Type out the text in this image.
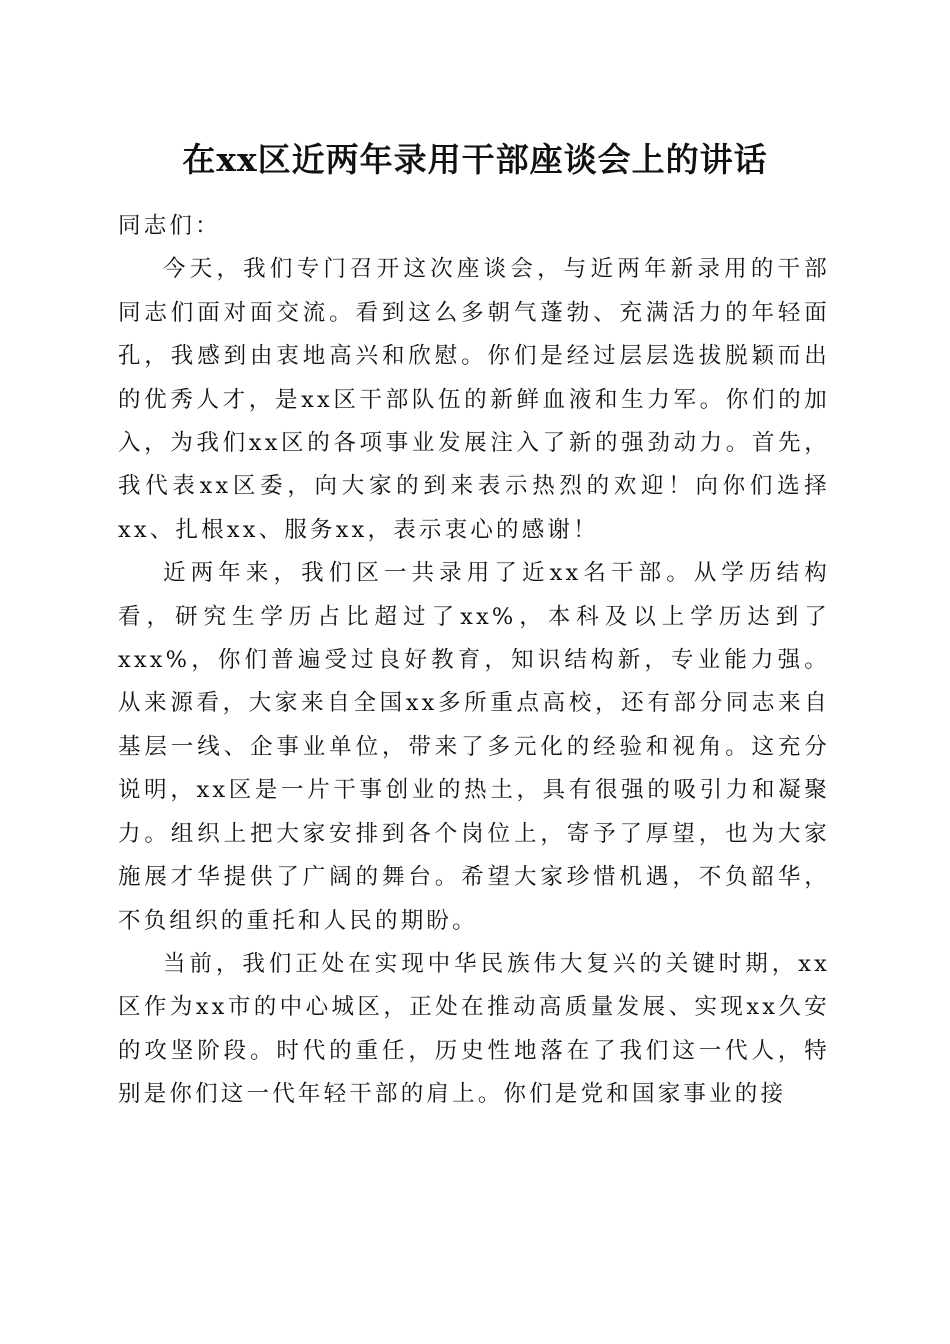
在xx区近两年录用干部座谈会上的讲话

同志们：

今天，我们专门召开这次座谈会，与近两年新录用的干部同志们面对面交流。看到这么多朝气蓬勃、充满活力的年轻面孔，我感到由衷地高兴和欣慰。你们是经过层层选拔脱颖而出的优秀人才，是xx区干部队伍的新鲜血液和生力军。你们的加入，为我们xx区的各项事业发展注入了新的强劲动力。首先，我代表xx区委，向大家的到来表示热烈的欢迎！向你们选择xx、扎根xx、服务xx，表示衷心的感谢！

近两年来，我们区一共录用了近xx名干部。从学历结构看，研究生学历占比超过了xx%，本科及以上学历达到了xxx%，你们普遍受过良好教育，知识结构新，专业能力强。从来源看，大家来自全国xx多所重点高校，还有部分同志来自基层一线、企事业单位，带来了多元化的经验和视角。这充分说明，xx区是一片干事创业的热土，具有很强的吸引力和凝聚力。组织上把大家安排到各个岗位上，寄予了厚望，也为大家施展才华提供了广阔的舞台。希望大家珍惜机遇，不负韶华，不负组织的重托和人民的期盼。

当前，我们正处在实现中华民族伟大复兴的关键时期，xx区作为xx市的中心城区，正处在推动高质量发展、实现xx久安的攻坚阶段。时代的重任，历史性地落在了我们这一代人，特别是你们这一代年轻干部的肩上。你们是党和国家事业的接
